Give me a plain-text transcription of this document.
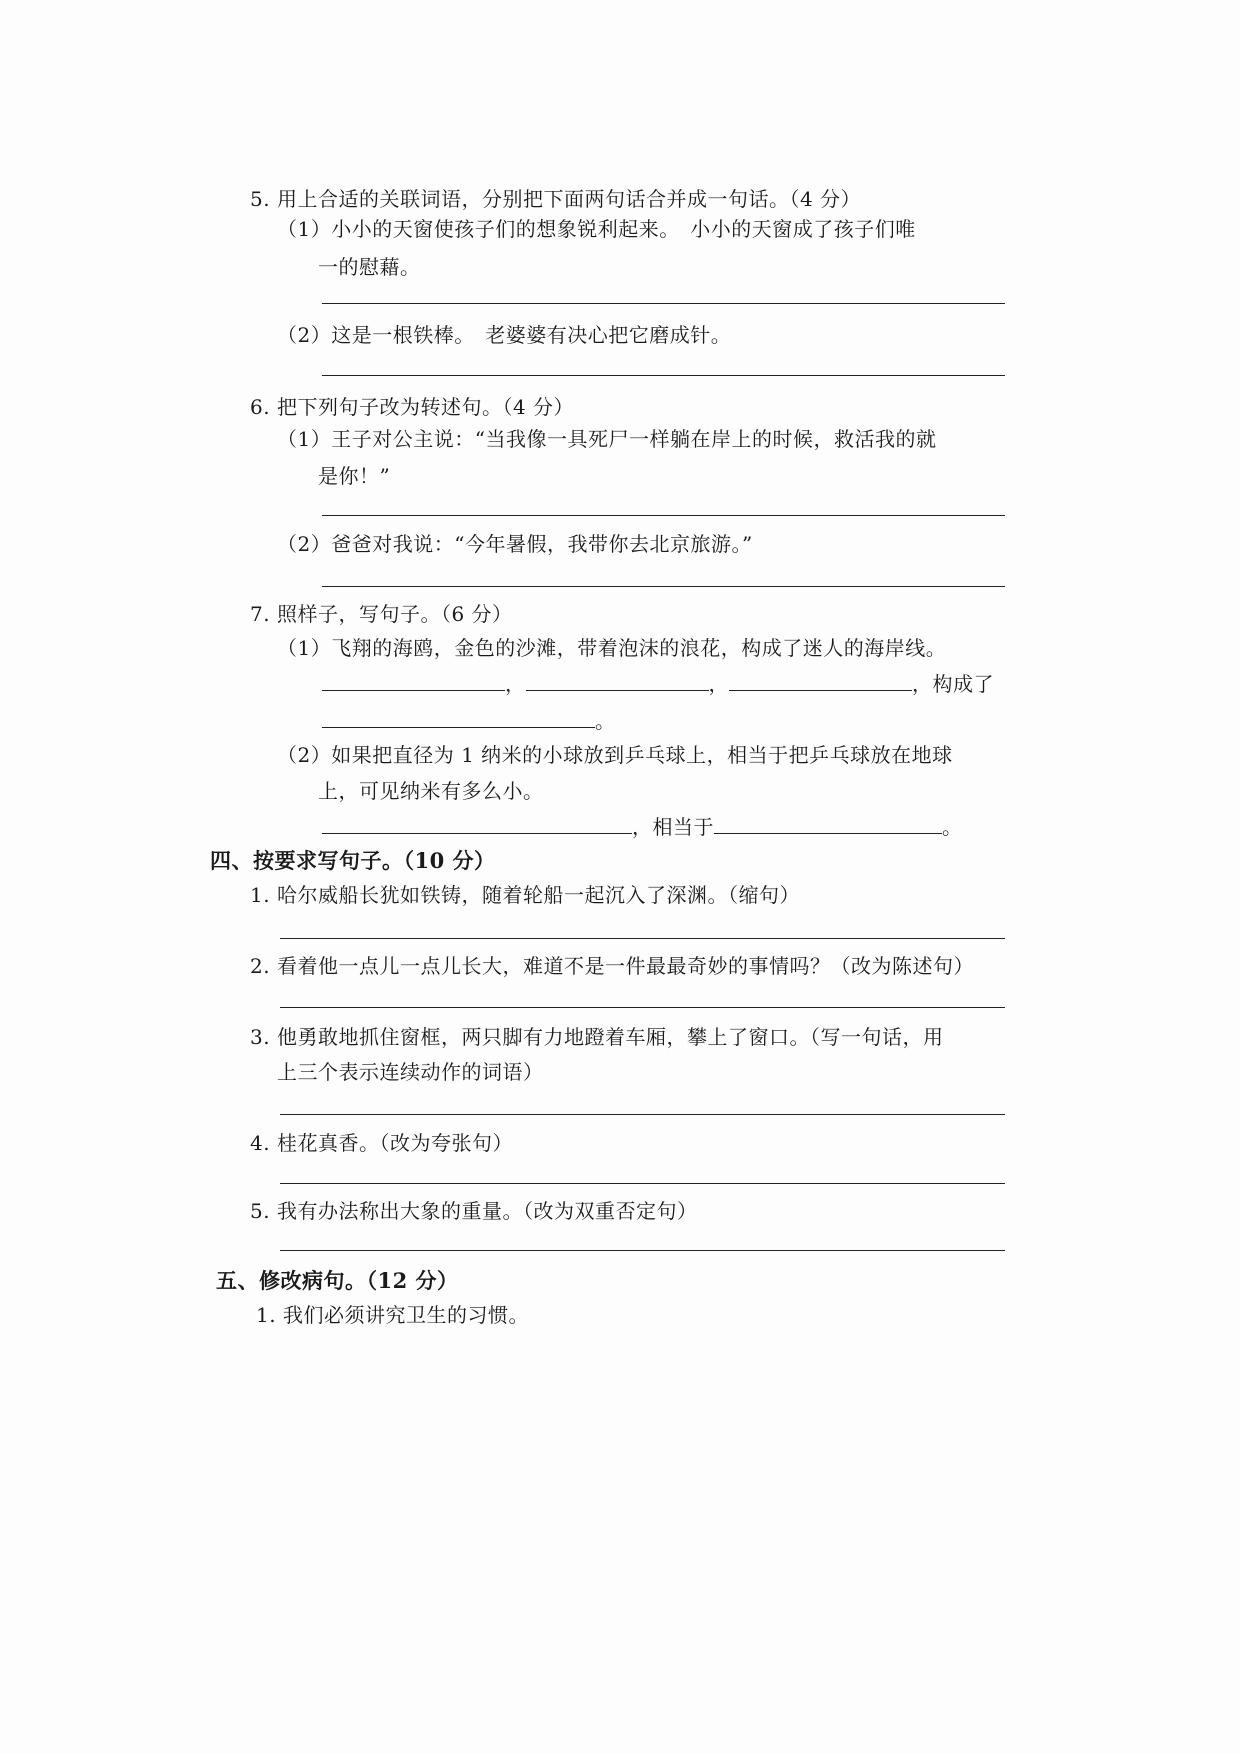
5. 用上合适的关联词语，分别把下面两句话合并成一句话。（4 分）
（1）小小的天窗使孩子们的想象锐利起来。　小小的天窗成了孩子们唯
一的慰藉。
（2）这是一根铁棒。　老婆婆有决心把它磨成针。
6. 把下列句子改为转述句。（4 分）
（1）王子对公主说：“当我像一具死尸一样躺在岸上的时候，救活我的就
是你！”
（2）爸爸对我说：“今年暑假，我带你去北京旅游。”
7. 照样子，写句子。（6 分）
（1）飞翔的海鸥，金色的沙滩，带着泡沫的浪花，构成了迷人的海岸线。
，	，	，构成了
。
（2）如果把直径为 1 纳米的小球放到乒乓球上，相当于把乒乓球放在地球
上，可见纳米有多么小。
，相当于	。
四、按要求写句子。（10 分）
1. 哈尔威船长犹如铁铸，随着轮船一起沉入了深渊。（缩句）
2. 看着他一点儿一点儿长大，难道不是一件最最奇妙的事情吗？（改为陈述句）
3. 他勇敢地抓住窗框，两只脚有力地蹬着车厢，攀上了窗口。（写一句话，用
上三个表示连续动作的词语）
4. 桂花真香。（改为夸张句）
5. 我有办法称出大象的重量。（改为双重否定句）
五、修改病句。（12 分）
1. 我们必须讲究卫生的习惯。
